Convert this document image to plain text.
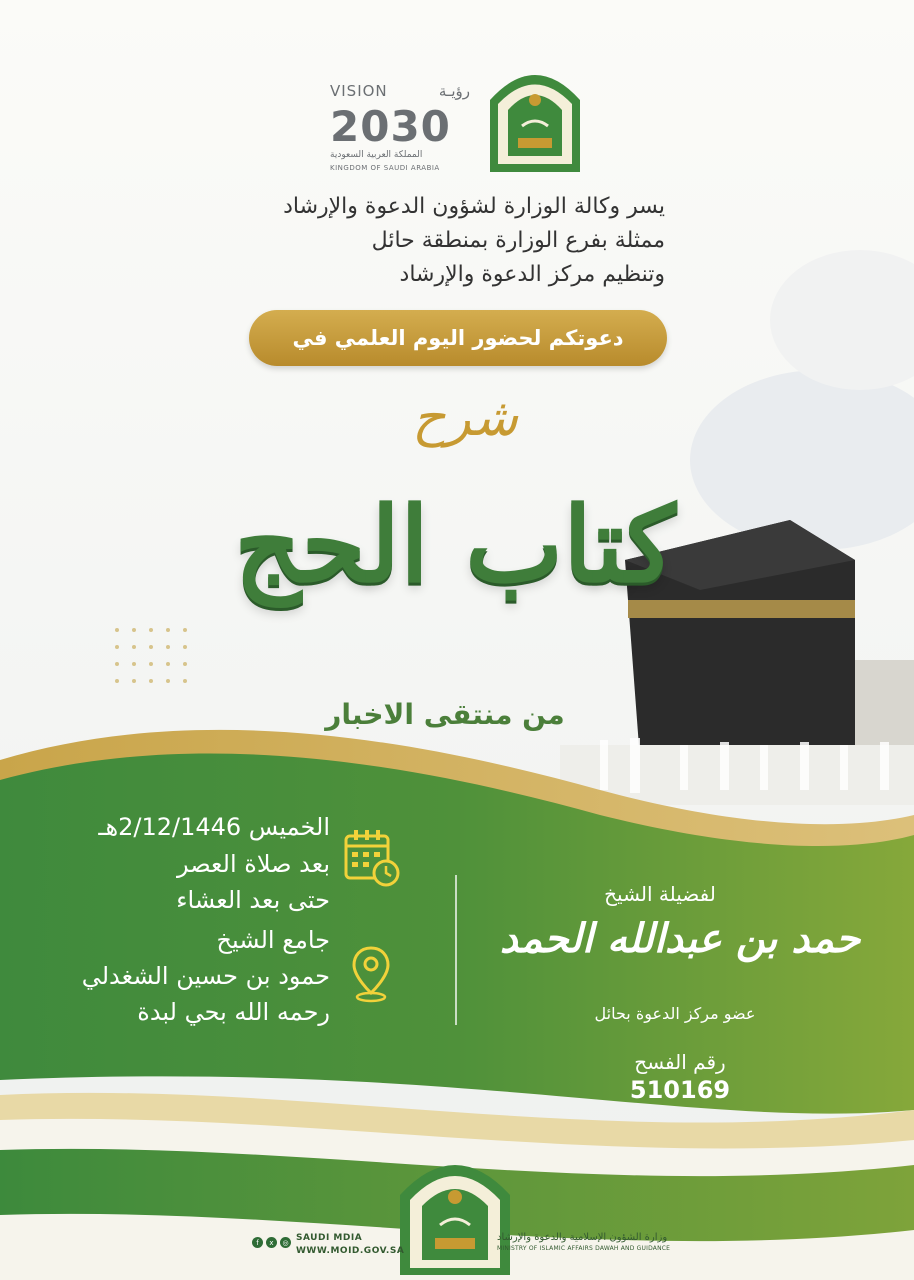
VISION	رؤيـة
2030
المملكة العربية السعودية
KINGDOM OF SAUDI ARABIA
يسر وكالة الوزارة لشؤون الدعوة والإرشاد
ممثلة بفرع الوزارة بمنطقة حائل
وتنظيم مركز الدعوة والإرشاد
دعوتكم لحضور اليوم العلمي في
شرح
كتاب الحج
من منتقى الاخبار
الخميس 2/12/1446هـ
بعد صلاة العصر
حتى بعد العشاء
جامع الشيخ
حمود بن حسين الشغدلي
رحمه الله بحي لبدة
لفضيلة الشيخ
حمد بن عبدالله الحمد
عضو مركز الدعوة بحائل
رقم الفسح
510169
f	x	◎ SAUDI MDIA
WWW.MOID.GOV.SA
وزارة الشؤون الإسلامية والدعوة والإرشاد
MINISTRY OF ISLAMIC AFFAIRS DAWAH AND GUIDANCE
